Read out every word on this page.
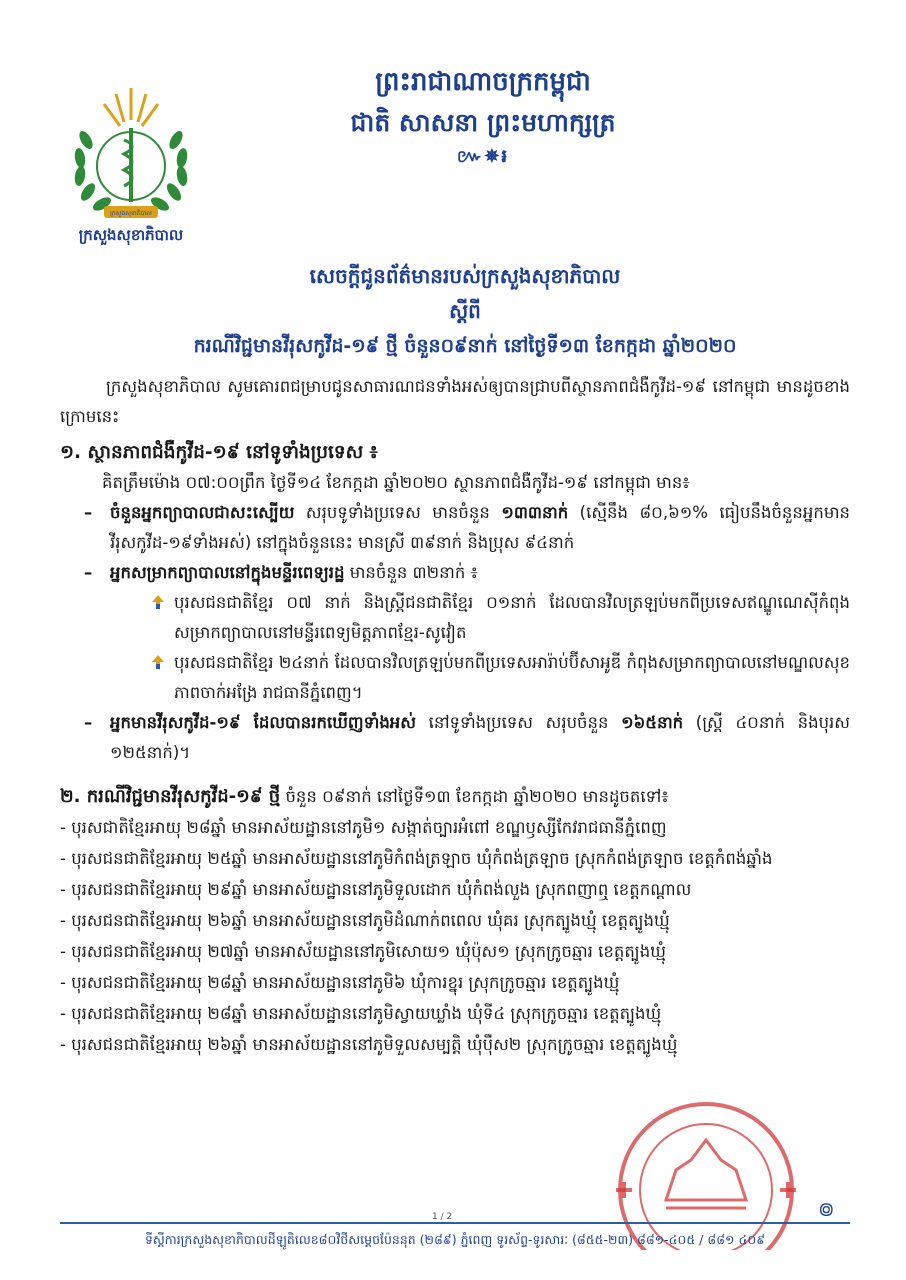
ក្រសួងសុខាភិបាល
ក្រសួងសុខាភិបាល
ព្រះរាជាណាចក្រកម្ពុជា
ជាតិ សាសនា ព្រះមហាក្សត្រ
៚✵៛
សេចក្តីជូនព័ត៌មានរបស់ក្រសួងសុខាភិបាល
ស្តីពី
ករណីវិជ្ជមានវីរុសកូវីដ-១៩ ថ្មី ចំនួន០៩នាក់ នៅថ្ងៃទី១៣ ខែកក្កដា ឆ្នាំ២០២០

ក្រសួងសុខាភិបាល សូមគោរពជម្រាបជូនសាធារណជនទាំងអស់ឲ្យបានជ្រាបពីស្ថានភាពជំងឺកូវីដ-១៩ នៅកម្ពុជា មានដូចខាងក្រោមនេះ

១. ស្ថានភាពជំងឺកូវីដ-១៩ នៅទូទាំងប្រទេស ៖

គិតត្រឹមម៉ោង ០៧:០០ព្រឹក ថ្ងៃទី១៤ ខែកក្កដា ឆ្នាំ២០២០ ស្ថានភាពជំងឺកូវីដ-១៩ នៅកម្ពុជា មាន៖

– ចំនួនអ្នកព្យាបាលជាសះស្បើយ សរុបទូទាំងប្រទេស មានចំនួន ១៣៣នាក់ (ស្មើនឹង ៨០,៦១% ធៀបនឹងចំនួនអ្នកមានវីរុសកូវីដ-១៩ទាំងអស់) នៅក្នុងចំនួននេះ មានស្រី ៣៩នាក់ និងប្រុស ៩៤នាក់

– អ្នកសម្រាកព្យាបាលនៅក្នុងមន្ទីរពេទ្យរដ្ឋ មានចំនួន ៣២នាក់ ៖

បុរសជនជាតិខ្មែរ ០៧ នាក់ និងស្ត្រីជនជាតិខ្មែរ ០១នាក់ ដែលបានវិលត្រឡប់មកពីប្រទេសឥណ្ឌូណេស៊ីកំពុងសម្រាកព្យាបាលនៅមន្ទីរពេទ្យមិត្តភាពខ្មែរ-សូវៀត

បុរសជនជាតិខ្មែរ ២៤នាក់ ដែលបានវិលត្រឡប់មកពីប្រទេសអារ៉ាប់ប៊ីសាអូឌី កំពុងសម្រាកព្យាបាលនៅមណ្ឌលសុខភាពចាក់អង្រែ រាជធានីភ្នំពេញ។

– អ្នកមានវីរុសកូវីដ-១៩ ដែលបានរកឃើញទាំងអស់ នៅទូទាំងប្រទេស សរុបចំនួន ១៦៥នាក់ (ស្ត្រី ៤០នាក់ និងបុរស ១២៥នាក់)។

២. ករណីវិជ្ជមានវីរុសកូវីដ-១៩ ថ្មី ចំនួន ០៩នាក់ នៅថ្ងៃទី១៣ ខែកក្កដា ឆ្នាំ២០២០ មានដូចតទៅ៖

- បុរសជាតិខ្មែរអាយុ ២៨ឆ្នាំ មានអាស័យដ្ឋាននៅភូមិ១ សង្កាត់ច្បារអំពៅ ខណ្ឌឫស្សីកែវរាជធានីភ្នំពេញ

- បុរសជនជាតិខ្មែរអាយុ ២៥ឆ្នាំ មានអាស័យដ្ឋាននៅភូមិកំពង់ត្រឡាច ឃុំកំពង់ត្រឡាច ស្រុកកំពង់ត្រឡាច ខេត្តកំពង់ឆ្នាំង

- បុរសជនជាតិខ្មែរអាយុ ២៩ឆ្នាំ មានអាស័យដ្ឋាននៅភូមិទួលដោក ឃុំកំពង់លួង ស្រុកពញាឮ ខេត្តកណ្តាល

- បុរសជនជាតិខ្មែរអាយុ ២៦ឆ្នាំ មានអាស័យដ្ឋាននៅភូមិដំណាក់ពពេល ឃុំគរ ស្រុកត្បូងឃ្មុំ ខេត្តត្បូងឃ្មុំ

- បុរសជនជាតិខ្មែរអាយុ ២៧ឆ្នាំ មានអាស័យដ្ឋាននៅភូមិសោយ១ ឃុំប៉ុស១ ស្រុកក្រូចឆ្មារ ខេត្តត្បូងឃ្មុំ

- បុរសជនជាតិខ្មែរអាយុ ២៨ឆ្នាំ មានអាស័យដ្ឋាននៅភូមិ៦ ឃុំការខ្នុរ ស្រុកក្រូចឆ្មារ ខេត្តត្បូងឃ្មុំ

- បុរសជនជាតិខ្មែរអាយុ ២៨ឆ្នាំ មានអាស័យដ្ឋាននៅភូមិស្វាយឃ្លាំង ឃុំទី៤ ស្រុកក្រូចឆ្មារ ខេត្តត្បូងឃ្មុំ

- បុរសជនជាតិខ្មែរអាយុ ២៦ឆ្នាំ មានអាស័យដ្ឋាននៅភូមិទួលសម្បត្តិ ឃុំប៉ឺស២ ស្រុកក្រូចឆ្មារ ខេត្តត្បូងឃ្មុំ

៙
1 / 2
ទីស្តីការក្រសួងសុខាភិបាលដីឡូតិលេខ៨០វិថីសម្តេចប៉ែននុត (២៨៩) ភ្នំពេញ ទូរស័ព្ទ-ទូរសារៈ (៨៥៥-២៣) ៨៨១-៤០៥ / ៨៨១ ៤០៩
